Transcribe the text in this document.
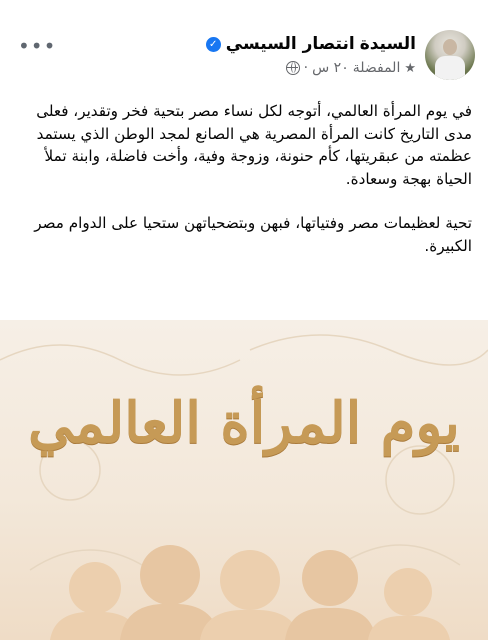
•••	السيدة
انتصار السيسي
✓
★
المفضلة
٢٠ س
·

في يوم المرأة العالمي، أتوجه لكل نساء مصر بتحية فخر وتقدير، فعلى مدى التاريخ كانت المرأة المصرية هي الصانع لمجد الوطن الذي يستمد عظمته من عبقريتها، كأم حنونة، وزوجة وفية، وأخت فاضلة، وابنة تملأ الحياة بهجة وسعادة.

تحية لعظيمات مصر وفتياتها، فبهن وبتضحياتهن ستحيا على الدوام مصر الكبيرة.

يوم المرأة العالمي
